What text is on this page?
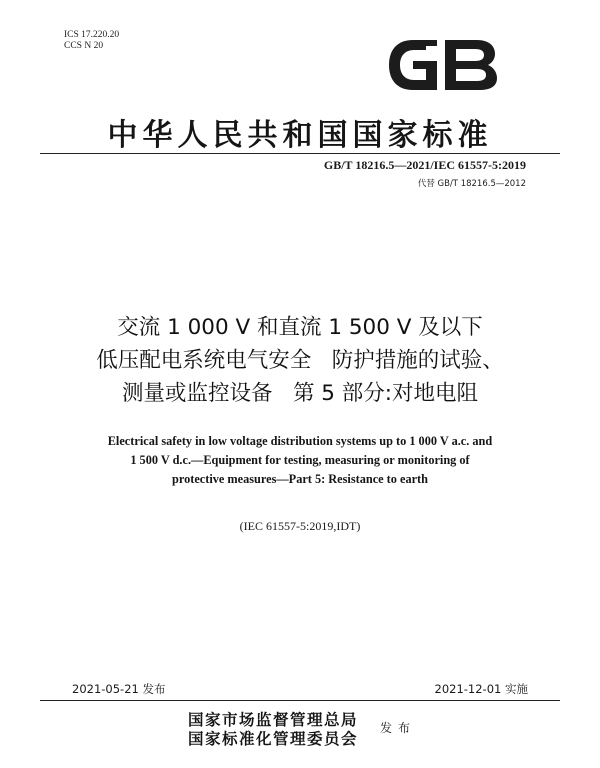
ICS 17.220.20
CCS N 20
中华人民共和国国家标准
GB/T 18216.5—2021/IEC 61557-5:2019
代替 GB/T 18216.5—2012
交流 1 000 V 和直流 1 500 V 及以下
低压配电系统电气安全   防护措施的试验、
测量或监控设备   第 5 部分:对地电阻
Electrical safety in low voltage distribution systems up to 1 000 V a.c. and
1 500 V d.c.—Equipment for testing, measuring or monitoring of
protective measures—Part 5: Resistance to earth
(IEC 61557-5:2019,IDT)
2021-05-21 发布	2021-12-01 实施
国家市场监督管理总局
国家标准化管理委员会
发布
